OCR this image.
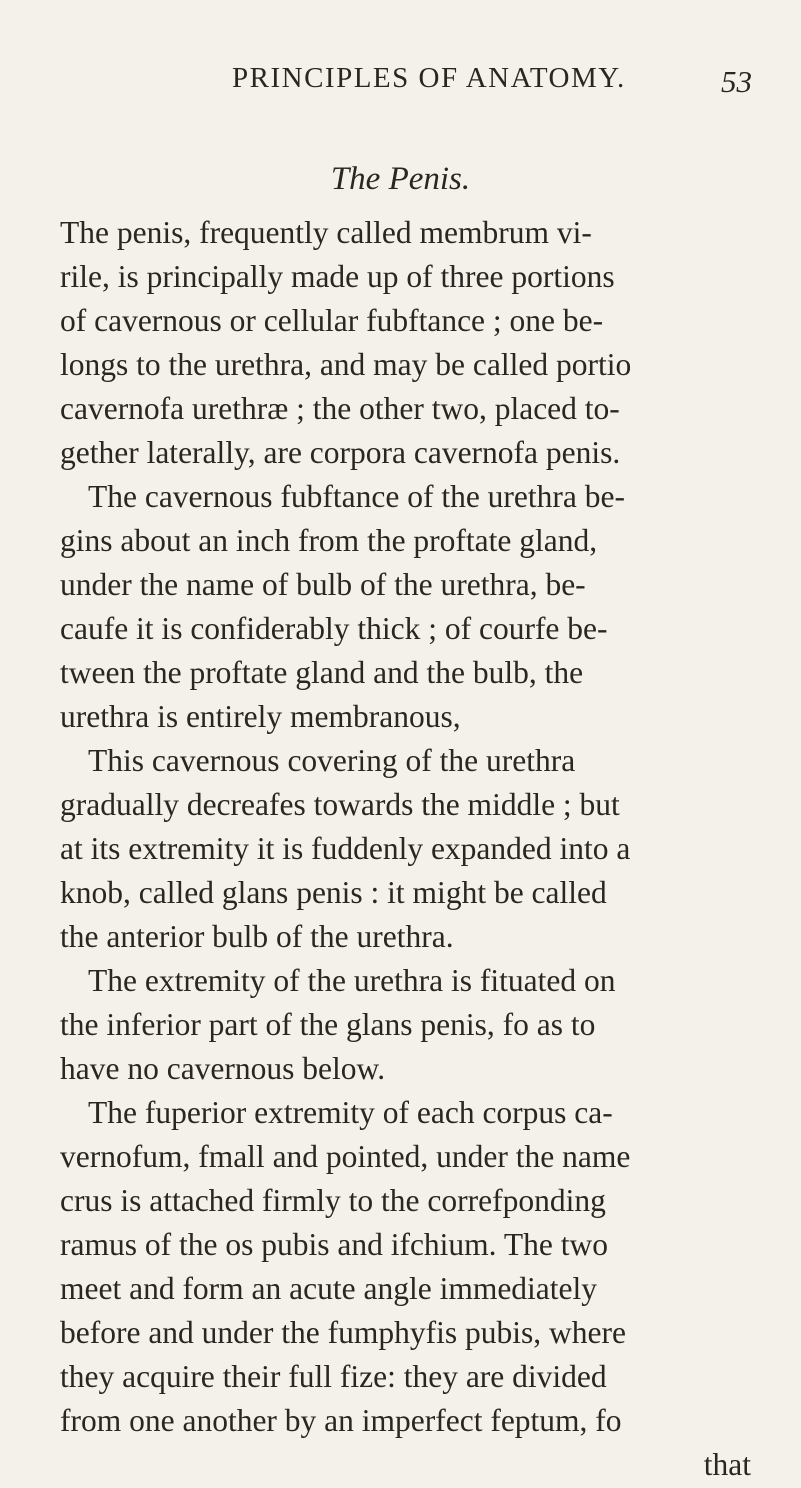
PRINCIPLES OF ANATOMY.	53
The Penis.
The penis, frequently called membrum vi-
rile, is principally made up of three portions
of cavernous or cellular fubftance ; one be-
longs to the urethra, and may be called portio
cavernofa urethræ ; the other two, placed to-
gether laterally, are corpora cavernofa penis.
The cavernous fubftance of the urethra be-
gins about an inch from the proftate gland,
under the name of bulb of the urethra, be-
caufe it is confiderably thick ; of courfe be-
tween the proftate gland and the bulb, the
urethra is entirely membranous,
This cavernous covering of the urethra
gradually decreafes towards the middle ; but
at its extremity it is fuddenly expanded into a
knob, called glans penis : it might be called
the anterior bulb of the urethra.
The extremity of the urethra is fituated on
the inferior part of the glans penis, fo as to
have no cavernous below.
The fuperior extremity of each corpus ca-
vernofum, fmall and pointed, under the name
crus is attached firmly to the correfponding
ramus of the os pubis and ifchium. The two
meet and form an acute angle immediately
before and under the fumphyfis pubis, where
they acquire their full fize: they are divided
from one another by an imperfect feptum, fo
that
